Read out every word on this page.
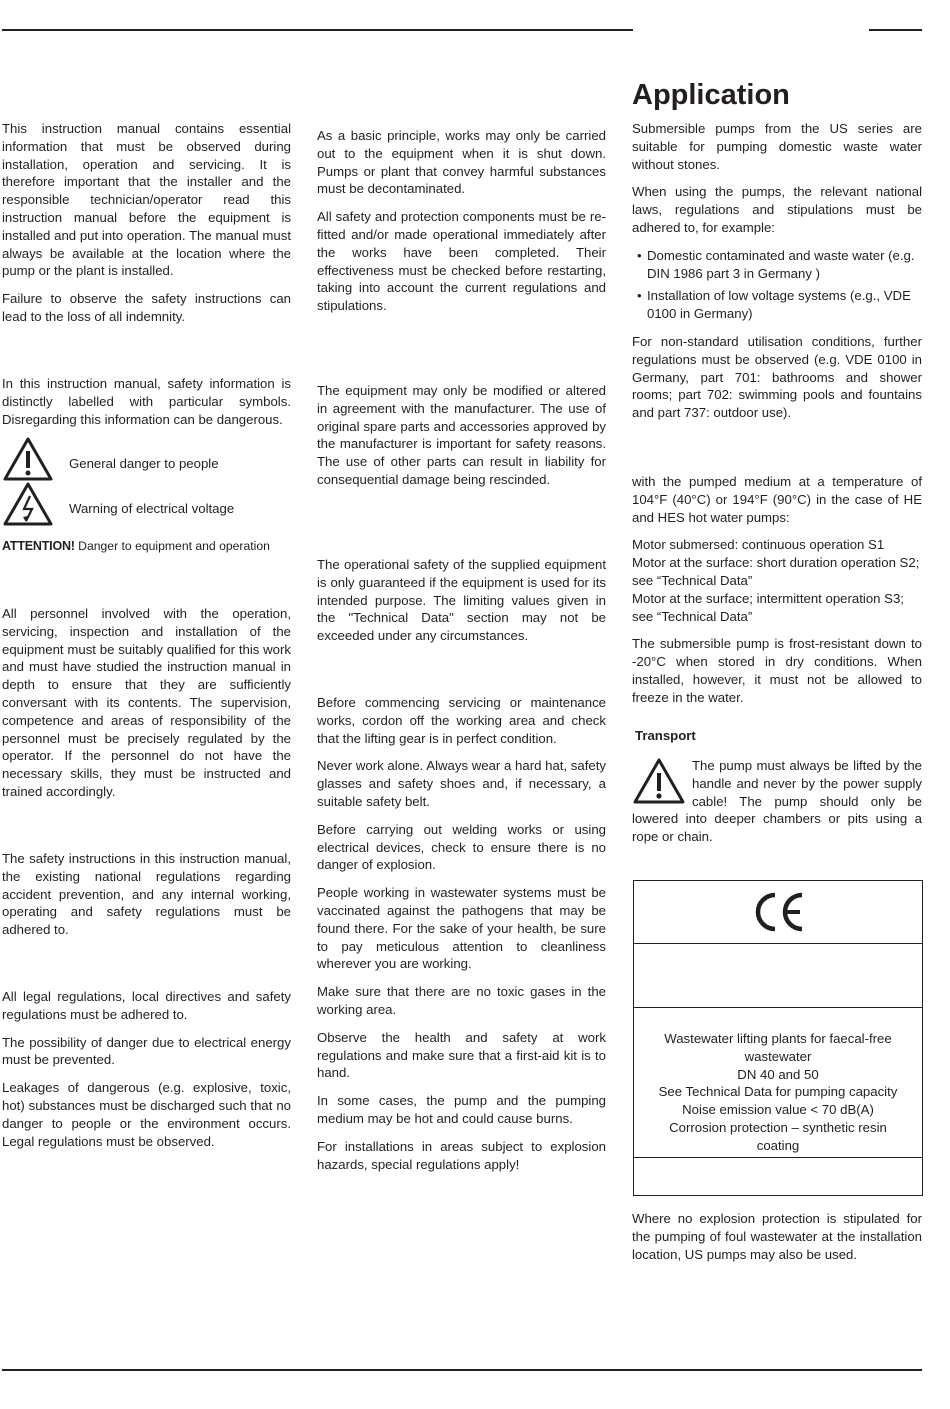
This instruction manual contains essential information that must be observed during installation, operation and servicing. It is therefore important that the installer and the responsible technician/operator read this instruction manual before the equipment is installed and put into operation. The manual must always be available at the location where the pump or the plant is installed.

Failure to observe the safety instructions can lead to the loss of all indemnity.

In this instruction manual, safety information is distinctly labelled with particular symbols. Disregarding this information can be dangerous.

General danger to people
Warning of electrical voltage
ATTENTION! Danger to equipment and operation

All personnel involved with the operation, servicing, inspection and installation of the equipment must be suitably qualified for this work and must have studied the instruction manual in depth to ensure that they are sufficiently conversant with its contents. The supervision, competence and areas of responsibility of the personnel must be precisely regulated by the operator. If the personnel do not have the necessary skills, they must be instructed and trained accordingly.

The safety instructions in this instruction manual, the existing national regulations regarding accident prevention, and any internal working, operating and safety regulations must be adhered to.

All legal regulations, local directives and safety regulations must be adhered to.

The possibility of danger due to electrical energy must be prevented.

Leakages of dangerous (e.g. explosive, toxic, hot) substances must be discharged such that no danger to people or the environment occurs. Legal regulations must be observed.

As a basic principle, works may only be carried out to the equipment when it is shut down. Pumps or plant that convey harmful substances must be decontaminated.

All safety and protection components must be re-fitted and/or made operational immediately after the works have been completed. Their effectiveness must be checked before restarting, taking into account the current regulations and stipulations.

The equipment may only be modified or altered in agreement with the manufacturer. The use of original spare parts and accessories approved by the manufacturer is important for safety reasons. The use of other parts can result in liability for consequential damage being rescinded.

The operational safety of the supplied equipment is only guaranteed if the equipment is used for its intended purpose. The limiting values given in the "Technical Data" section may not be exceeded under any circumstances.

Before commencing servicing or maintenance works, cordon off the working area and check that the lifting gear is in perfect condition.

Never work alone. Always wear a hard hat, safety glasses and safety shoes and, if necessary, a suitable safety belt.

Before carrying out welding works or using electrical devices, check to ensure there is no danger of explosion.

People working in wastewater systems must be vaccinated against the pathogens that may be found there. For the sake of your health, be sure to pay meticulous attention to cleanliness wherever you are working.

Make sure that there are no toxic gases in the working area.

Observe the health and safety at work regulations and make sure that a first-aid kit is to hand.

In some cases, the pump and the pumping medium may be hot and could cause burns.

For installations in areas subject to explosion hazards, special regulations apply!

Application

Submersible pumps from the US series are suitable for pumping domestic waste water without stones.

When using the pumps, the relevant national laws, regulations and stipulations must be adhered to, for example:

• Domestic contaminated and waste water (e.g. DIN 1986 part 3 in Germany )
• Installation of low voltage systems (e.g., VDE 0100 in Germany)

For non-standard utilisation conditions, further regulations must be observed (e.g. VDE 0100 in Germany, part 701: bathrooms and shower rooms; part 702: swimming pools and fountains and part 737: outdoor use).

with the pumped medium at a temperature of 104°F (40°C) or 194°F (90°C) in the case of HE and HES hot water pumps:

Motor submersed: continuous operation S1

Motor at the surface: short duration operation S2; see “Technical Data”

Motor at the surface; intermittent operation S3; see “Technical Data”

The submersible pump is frost-resistant down to -20°C when stored in dry conditions. When installed, however, it must not be allowed to freeze in the water.

Transport
The pump must always be lifted by the handle and never by the power supply cable! The pump should only be lowered into deeper chambers or pits using a rope or chain.
Wastewater lifting plants for faecal-free wastewater
DN 40 and 50
See Technical Data for pumping capacity
Noise emission value < 70 dB(A)
Corrosion protection – synthetic resin coating

Where no explosion protection is stipulated for the pumping of foul wastewater at the installation location, US pumps may also be used.
